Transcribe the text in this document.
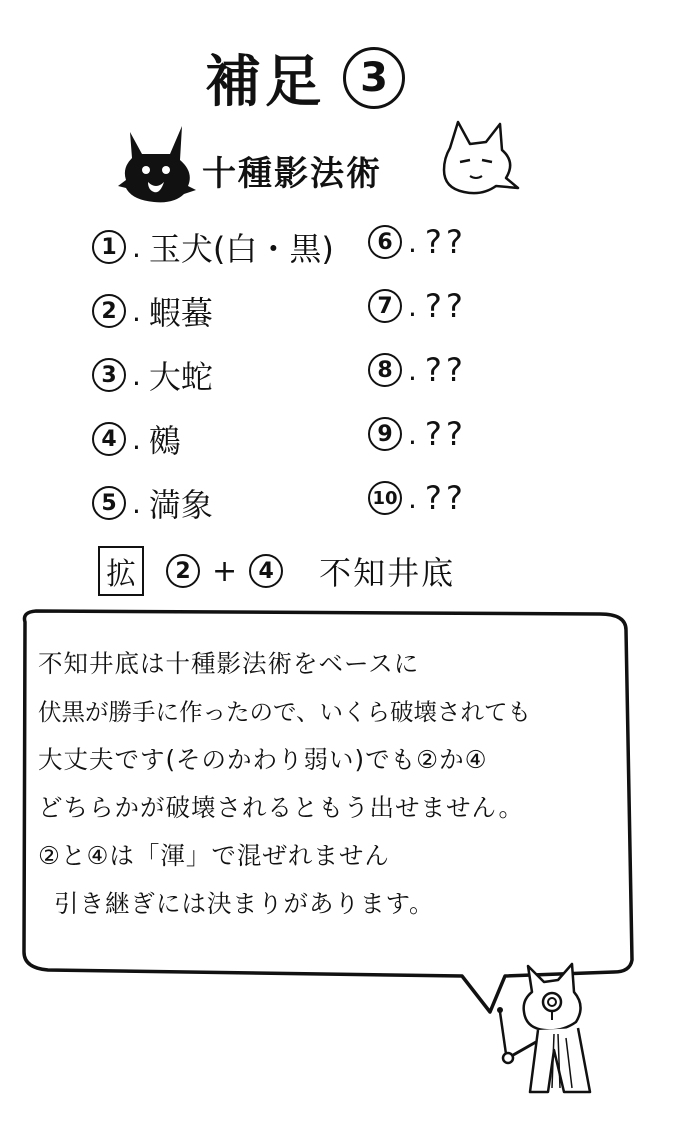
補足 3
十種影法術
1 . 玉犬(白・黒)
2 . 蝦蟇
3 . 大蛇
4 . 鵺
5 . 満象
6 . ??
7 . ??
8 . ??
9 . ??
10 . ??
拡	2 + 4 不知井底
不知井底は十種影法術をベースに
伏黒が勝手に作ったので、いくら破壊されても
大丈夫です(そのかわり弱い)でも②か④
どちらかが破壊されるともう出せません。
②と④は「渾」で混ぜれません
引き継ぎには決まりがあります。
